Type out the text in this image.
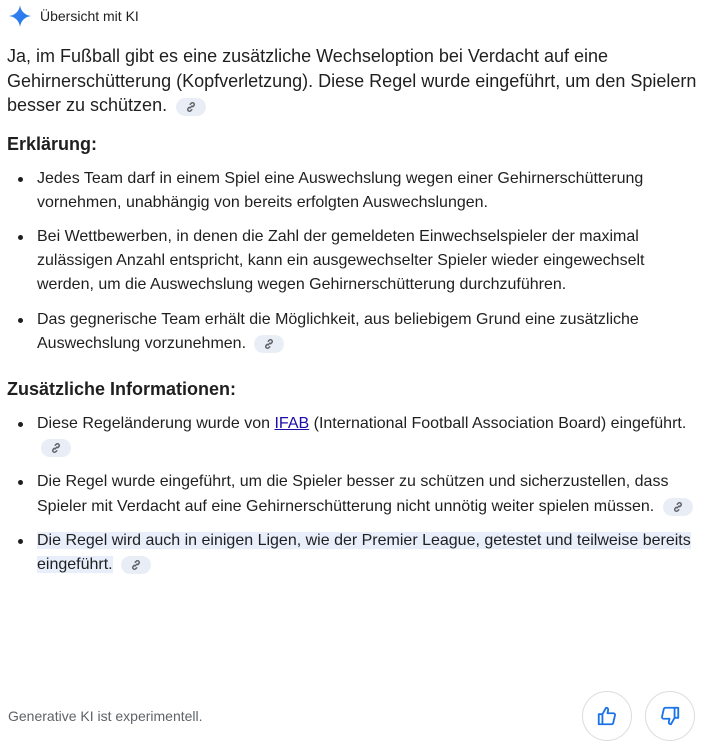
Übersicht mit KI

Ja, im Fußball gibt es eine zusätzliche Wechseloption bei Verdacht auf eine Gehirnerschütterung (Kopfverletzung). Diese Regel wurde eingeführt, um den Spielern besser zu schützen.

Erklärung:
Jedes Team darf in einem Spiel eine Auswechslung wegen einer Gehirnerschütterung vornehmen, unabhängig von bereits erfolgten Auswechslungen.
Bei Wettbewerben, in denen die Zahl der gemeldeten Einwechselspieler der maximal zulässigen Anzahl entspricht, kann ein ausgewechselter Spieler wieder eingewechselt werden, um die Auswechslung wegen Gehirnerschütterung durchzuführen.
Das gegnerische Team erhält die Möglichkeit, aus beliebigem Grund eine zusätzliche Auswechslung vorzunehmen.
Zusätzliche Informationen:
Diese Regeländerung wurde von IFAB (International Football Association Board) eingeführt.
Die Regel wurde eingeführt, um die Spieler besser zu schützen und sicherzustellen, dass Spieler mit Verdacht auf eine Gehirnerschütterung nicht unnötig weiter spielen müssen.
Die Regel wird auch in einigen Ligen, wie der Premier League, getestet und teilweise bereits eingeführt.
Generative KI ist experimentell.
